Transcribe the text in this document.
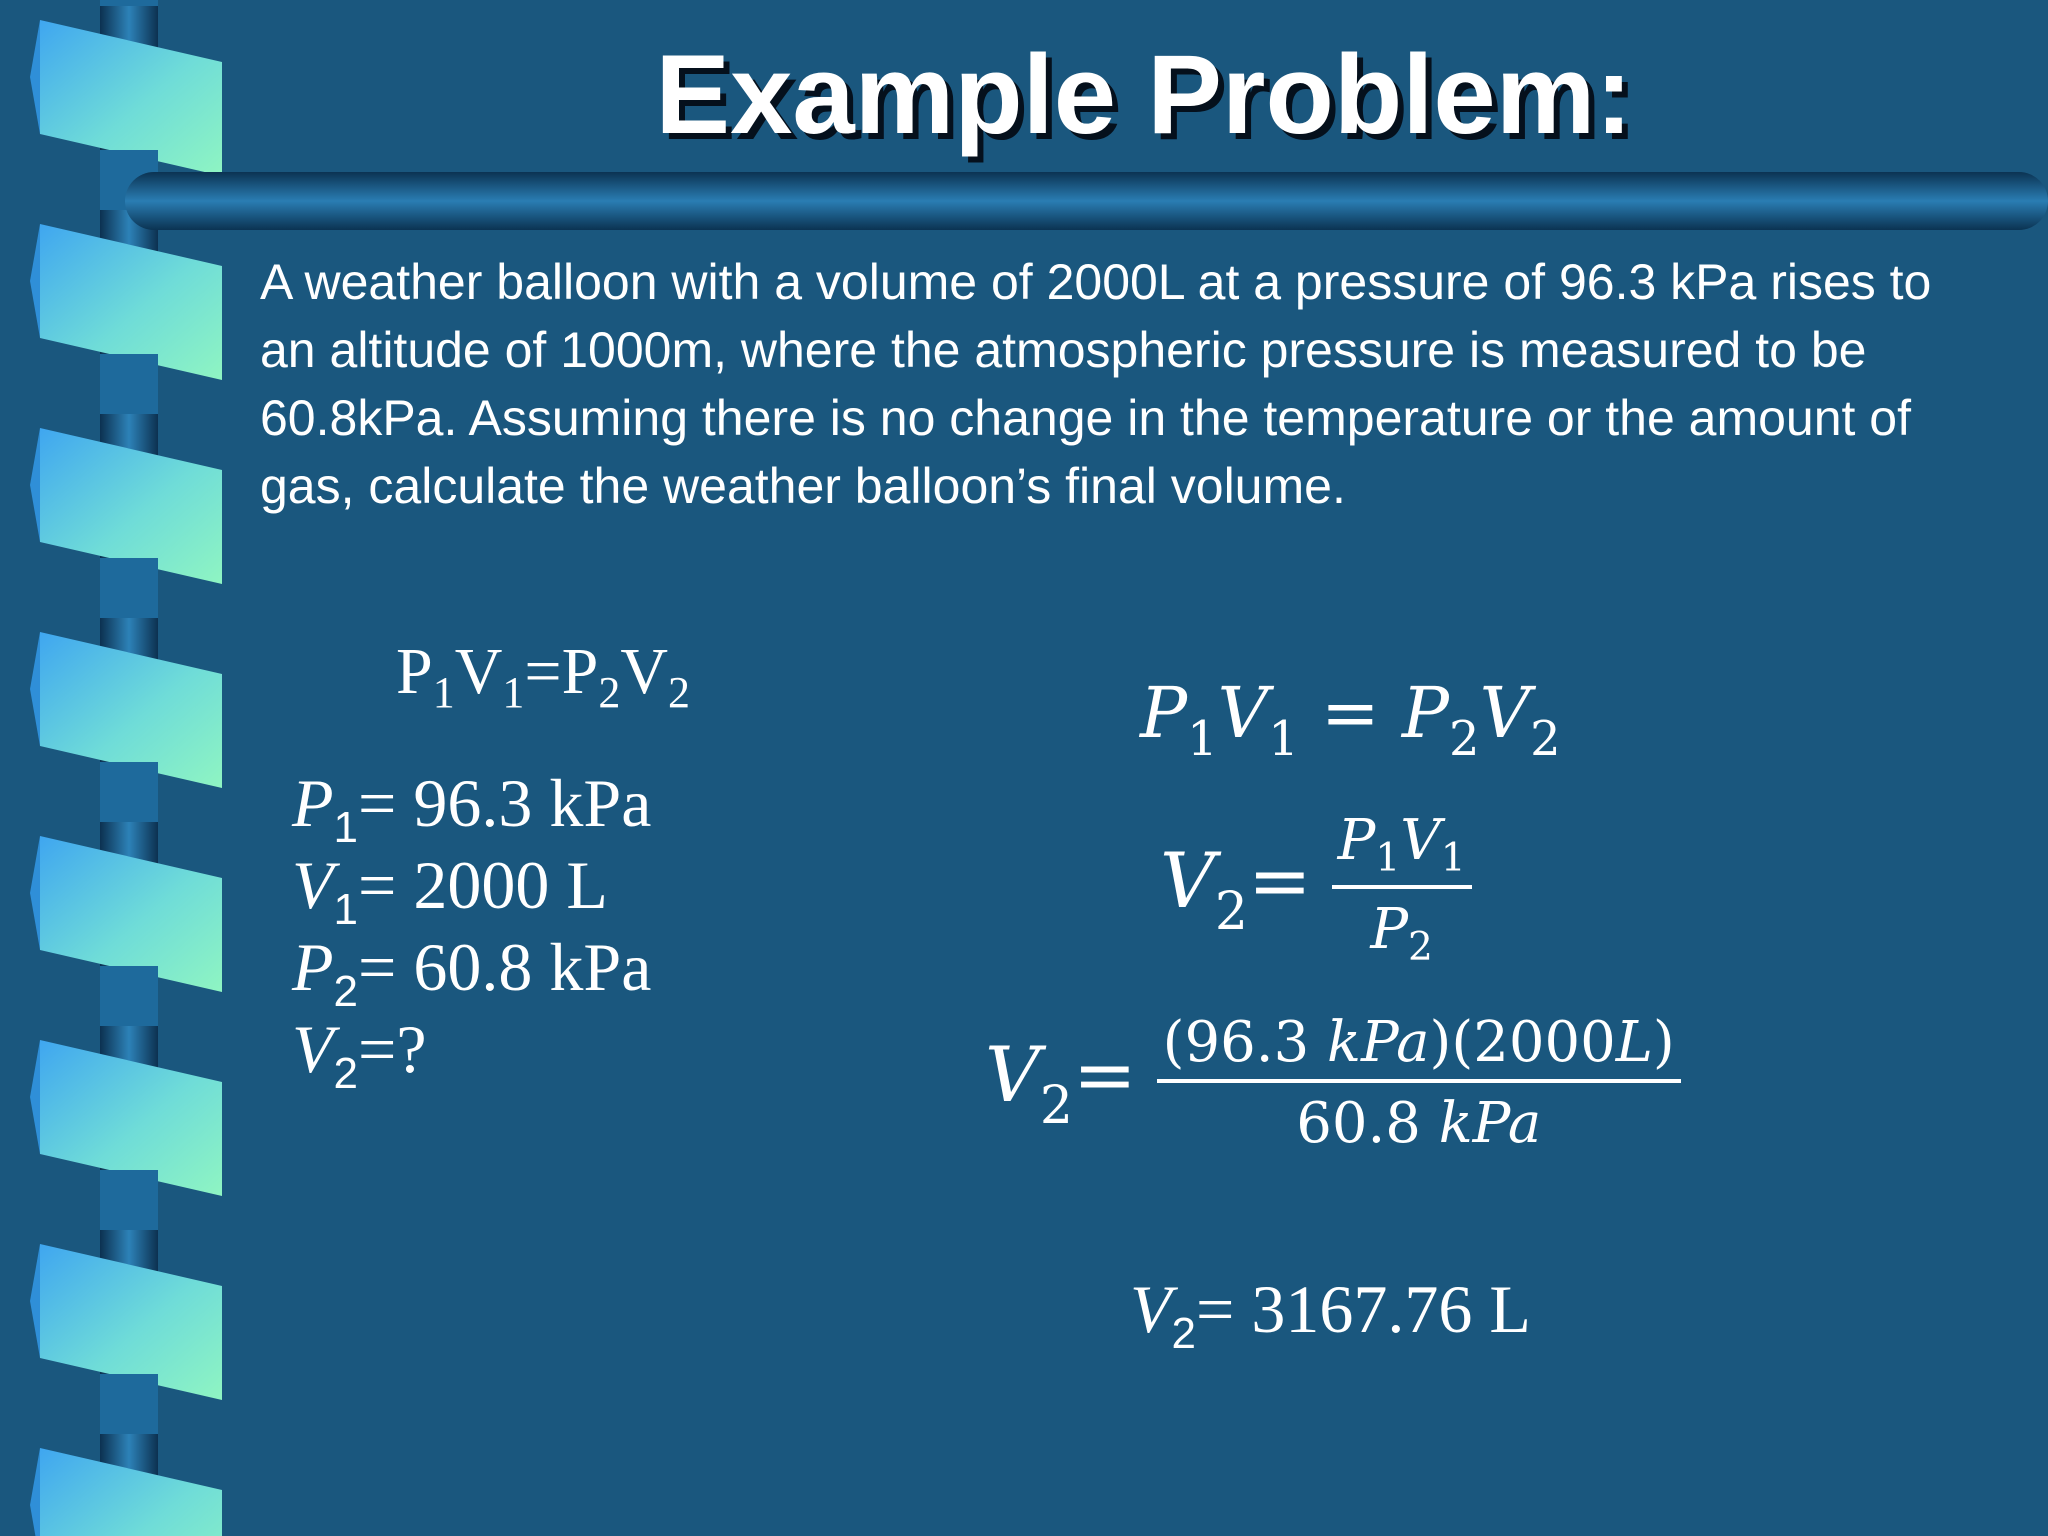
Example Problem:
A weather balloon with a volume of 2000L at a pressure of 96.3 kPa rises to an altitude of 1000m, where the atmospheric pressure is measured to be 60.8kPa. Assuming there is no change in the temperature or the amount of gas, calculate the weather balloon’s final volume.
$P_1V_1=P_2V_2$
$P_1= 96.3$ kPa
$V_1= 2000$ L
$P_2= 60.8$ kPa
$V_2=$?
$P_1V_1 = P_2V_2$
$V_2= \frac{P_1V_1}{P_2}$
$V_2= \frac{\text{(96.3 kPa)(2000L)}}{\text{60.8 kPa}}$
$V_2= 3167.76$ L
